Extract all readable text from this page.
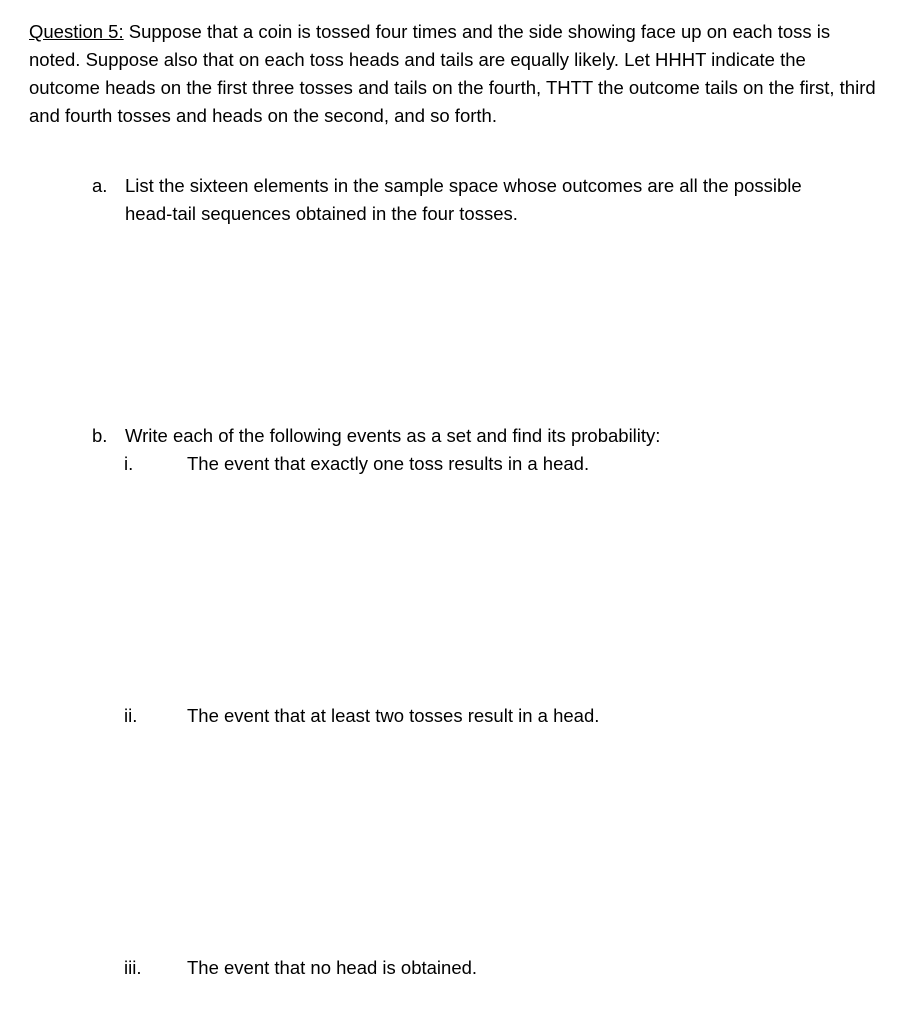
Question 5: Suppose that a coin is tossed four times and the side showing face up on each toss is noted. Suppose also that on each toss heads and tails are equally likely. Let HHHT indicate the outcome heads on the first three tosses and tails on the fourth, THTT the outcome tails on the first, third and fourth tosses and heads on the second, and so forth.

a. List the sixteen elements in the sample space whose outcomes are all the possible head-tail sequences obtained in the four tosses.
b. Write each of the following events as a set and find its probability:
i.	The event that exactly one toss results in a head.
ii.	The event that at least two tosses result in a head.
iii.	The event that no head is obtained.
